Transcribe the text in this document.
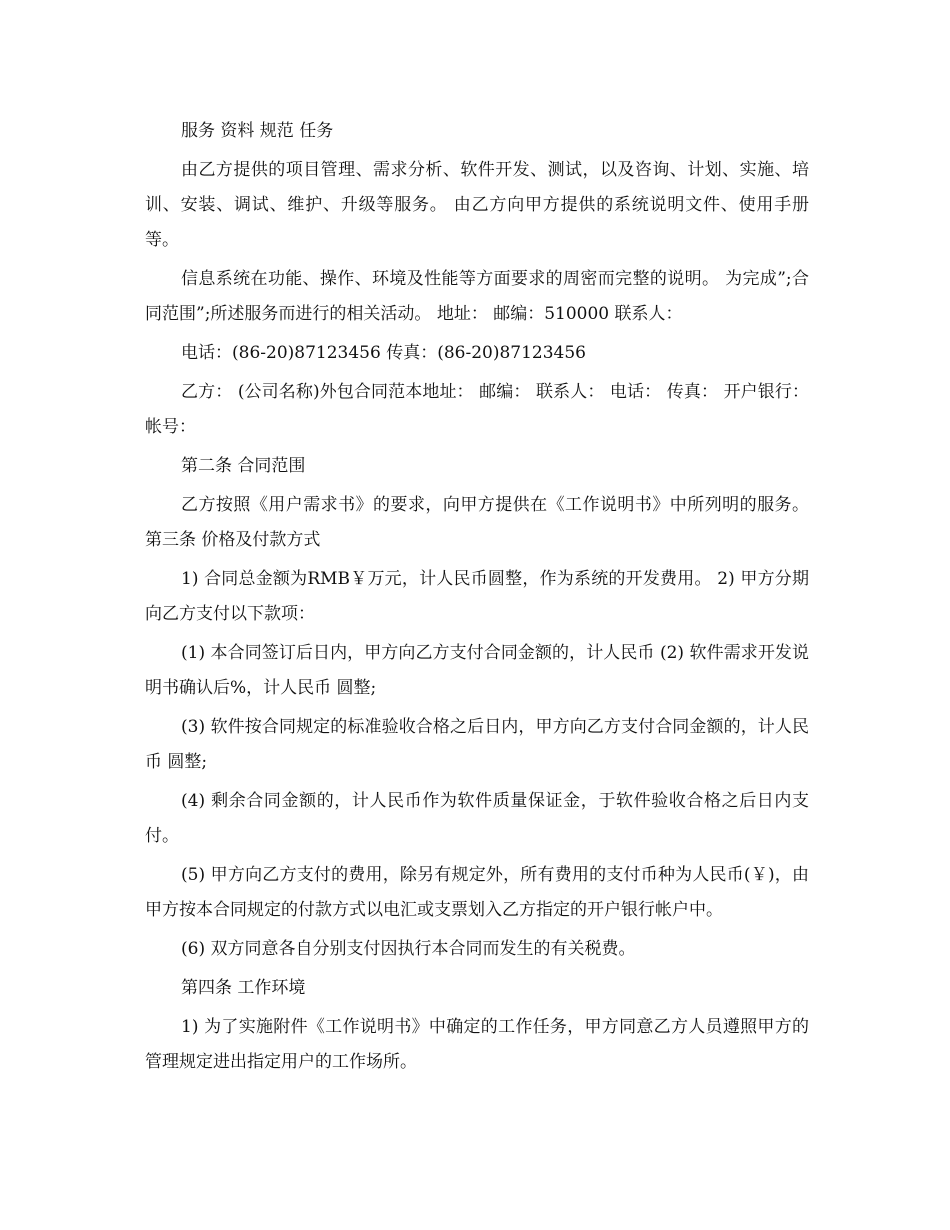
服务 资料 规范 任务

由乙方提供的项目管理、需求分析、软件开发、测试，以及咨询、计划、实施、培训、安装、调试、维护、升级等服务。 由乙方向甲方提供的系统说明文件、使用手册等。

信息系统在功能、操作、环境及性能等方面要求的周密而完整的说明。 为完成”;合同范围”;所述服务而进行的相关活动。 地址： 邮编：510000 联系人：

电话：(86-20)87123456 传真：(86-20)87123456

乙方： (公司名称)外包合同范本地址： 邮编： 联系人： 电话： 传真： 开户银行： 帐号：

第二条 合同范围

乙方按照《用户需求书》的要求，向甲方提供在《工作说明书》中所列明的服务。 第三条 价格及付款方式

1) 合同总金额为RMB￥万元，计人民币圆整，作为系统的开发费用。 2) 甲方分期向乙方支付以下款项：

(1) 本合同签订后日内，甲方向乙方支付合同金额的，计人民币 (2) 软件需求开发说明书确认后%，计人民币 圆整;

(3) 软件按合同规定的标准验收合格之后日内，甲方向乙方支付合同金额的，计人民币 圆整;

(4) 剩余合同金额的，计人民币作为软件质量保证金，于软件验收合格之后日内支付。

(5) 甲方向乙方支付的费用，除另有规定外，所有费用的支付币种为人民币(￥)，由甲方按本合同规定的付款方式以电汇或支票划入乙方指定的开户银行帐户中。

(6) 双方同意各自分别支付因执行本合同而发生的有关税费。

第四条 工作环境

1) 为了实施附件《工作说明书》中确定的工作任务，甲方同意乙方人员遵照甲方的管理规定进出指定用户的工作场所。
